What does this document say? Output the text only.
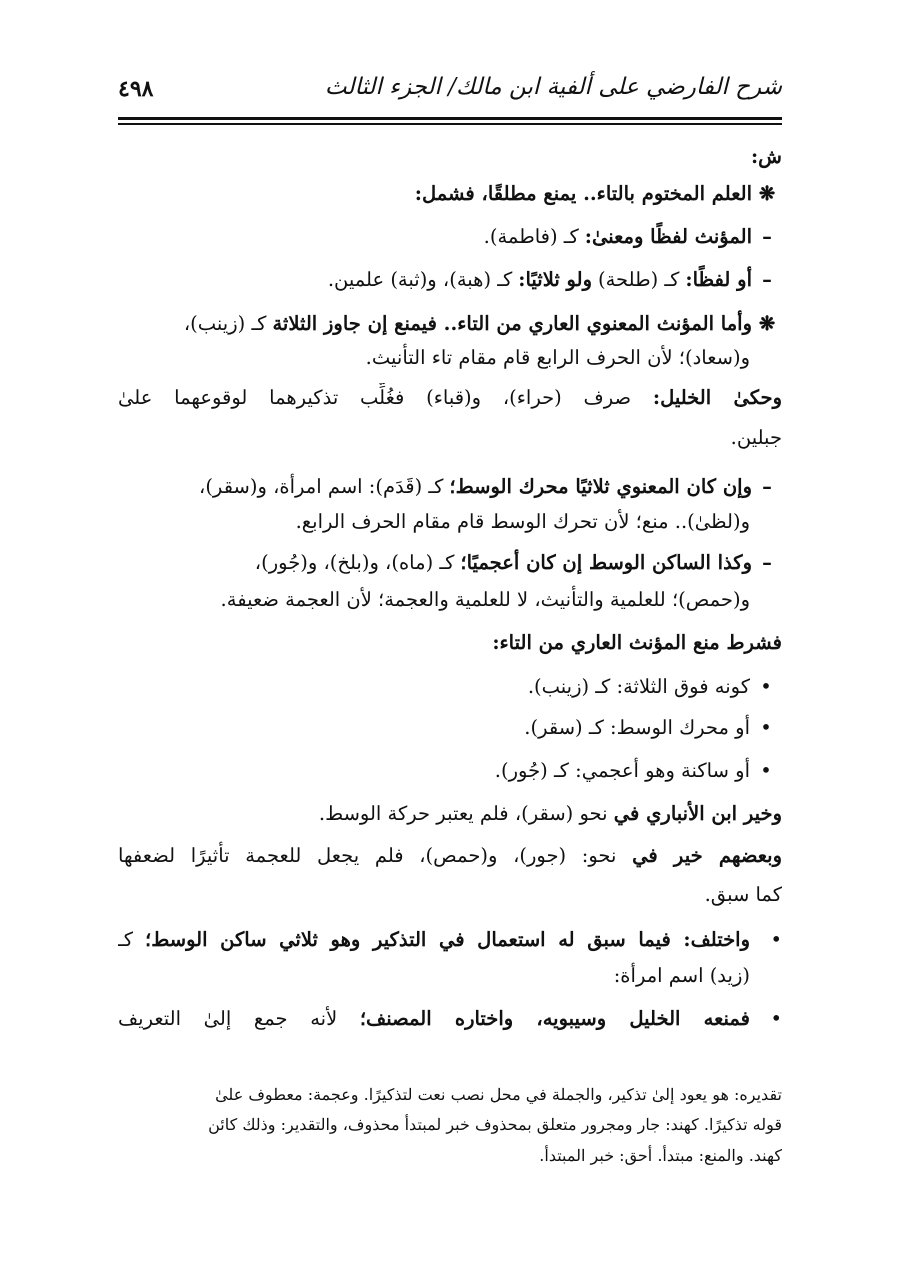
شرح الفارضي على ألفية ابن مالك/ الجزء الثالث
٤٩٨
ش:
❋العلم المختوم بالتاء.. يمنع مطلقًا، فشمل:
–المؤنث لفظًا ومعنىٰ:كـ (فاطمة).
–أو لفظًا:كـ (طلحة)ولو ثلاثيًا:كـ (هبة)، و(ثبة) علمين.
❋وأما المؤنث المعنوي العاري من التاء.. فيمنع إن جاوز الثلاثةكـ (زينب)،
و(سعاد)؛ لأن الحرف الرابع قام مقام تاء التأنيث.
وحكىٰ الخليل: صرف (حراء)، و(قباء) فغُلِّب تذكيرهما لوقوعهما علىٰ
جبلين.
–وإن كان المعنوي ثلاثيًا محرك الوسط؛كـ (قَدَم): اسم امرأة، و(سقر)،
و(لظىٰ).. منع؛ لأن تحرك الوسط قام مقام الحرف الرابع.
–وكذا الساكن الوسط إن كان أعجميًا؛كـ (ماه)، و(بلخ)، و(جُور)،
و(حمص)؛ للعلمية والتأنيث، لا للعلمية والعجمة؛ لأن العجمة ضعيفة.
فشرط منع المؤنث العاري من التاء:
•كونه فوق الثلاثة: كـ (زينب).
•أو محرك الوسط: كـ (سقر).
•أو ساكنة وهو أعجمي: كـ (جُور).
وخير ابن الأنباري في نحو (سقر)، فلم يعتبر حركة الوسط.
وبعضهم خير في نحو: (جور)، و(حمص)، فلم يجعل للعجمة تأثيرًا لضعفها
كما سبق.
•واختلف: فيما سبق له استعمال في التذكير وهو ثلاثي ساكن الوسط؛ كـ
(زيد) اسم امرأة:
•فمنعه الخليل وسيبويه، واختاره المصنف؛ لأنه جمع إلىٰ التعريف
تقديره: هو يعود إلىٰ تذكير، والجملة في محل نصب نعت لتذكيرًا. وعجمة: معطوف علىٰ
قوله تذكيرًا. كهند: جار ومجرور متعلق بمحذوف خبر لمبتدأ محذوف، والتقدير: وذلك كائن
كهند. والمنع: مبتدأ. أحق: خبر المبتدأ.
